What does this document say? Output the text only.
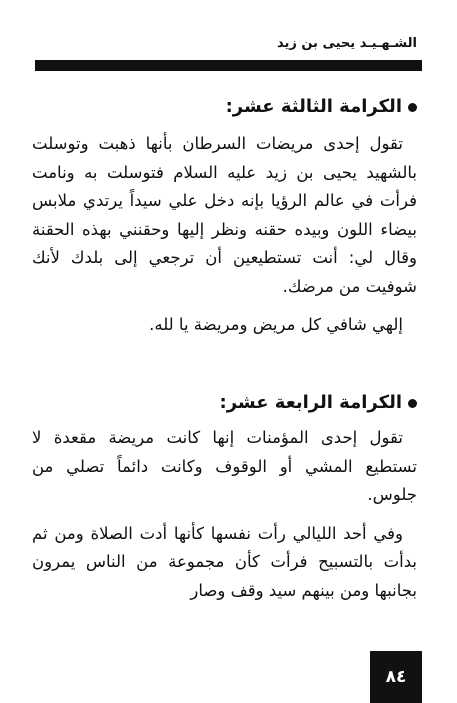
الشـهـيـد يحيى بن زيد
الكرامة الثالثة عشر:

تقول إحدى مريضات السرطان بأنها ذهبت وتوسلت بالشهيد يحيى بن زيد عليه السلام فتوسلت به ونامت فرأت في عالم الرؤيا بإنه دخل علي سيداً يرتدي ملابس بيضاء اللون وبيده حقنه ونظر إليها وحقنني بهذه الحقنة وقال لي: أنت تستطيعين أن ترجعي إلى بلدك لأنك شوفيت من مرضك.

إلهي شافي كل مريض ومريضة يا لله.

الكرامة الرابعة عشر:

تقول إحدى المؤمنات إنها كانت مريضة مقعدة لا تستطيع المشي أو الوقوف وكانت دائماً تصلي من جلوس.

وفي أحد الليالي رأت نفسها كأنها أدت الصلاة ومن ثم بدأت بالتسبيح فرأت كأن مجموعة من الناس يمرون بجانبها ومن بينهم سيد وقف وصار

٨٤
